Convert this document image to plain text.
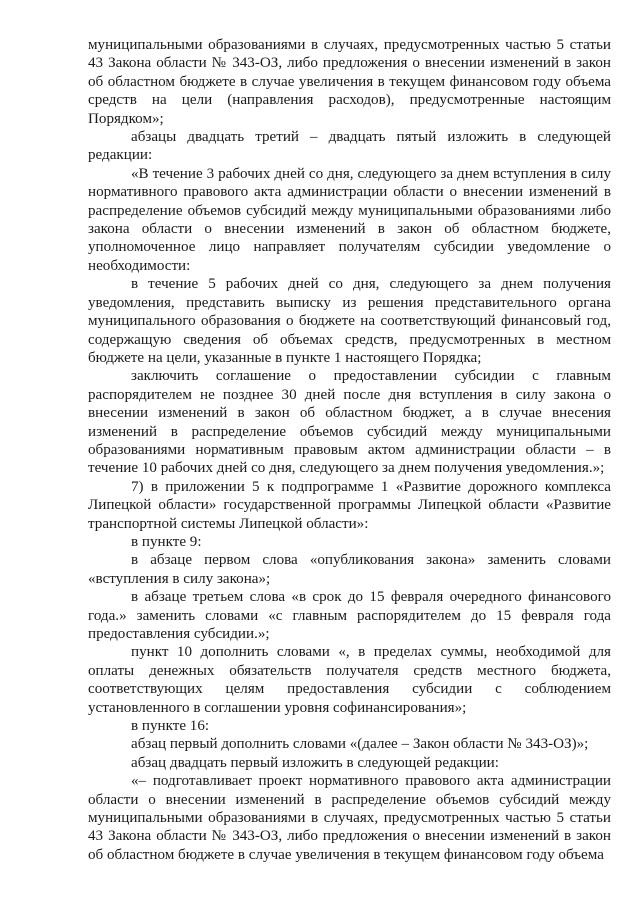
муниципальными образованиями в случаях, предусмотренных частью 5 статьи 43 Закона области № 343-ОЗ, либо предложения о внесении изменений в закон об областном бюджете в случае увеличения в текущем финансовом году объема средств на цели (направления расходов), предусмотренные настоящим Порядком»;

абзацы двадцать третий – двадцать пятый изложить в следующей редакции:

«В течение 3 рабочих дней со дня, следующего за днем вступления в силу нормативного правового акта администрации области о внесении изменений в распределение объемов субсидий между муниципальными образованиями либо закона области о внесении изменений в закон об областном бюджете, уполномоченное лицо направляет получателям субсидии уведомление о необходимости:

в течение 5 рабочих дней со дня, следующего за днем получения уведомления, представить выписку из решения представительного органа муниципального образования о бюджете на соответствующий финансовый год, содержащую сведения об объемах средств, предусмотренных в местном бюджете на цели, указанные в пункте 1 настоящего Порядка;

заключить соглашение о предоставлении субсидии с главным распорядителем не позднее 30 дней после дня вступления в силу закона о внесении изменений в закон об областном бюджет, а в случае внесения изменений в распределение объемов субсидий между муниципальными образованиями нормативным правовым актом администрации области – в течение 10 рабочих дней со дня, следующего за днем получения уведомления.»;

7) в приложении 5 к подпрограмме 1 «Развитие дорожного комплекса Липецкой области» государственной программы Липецкой области «Развитие транспортной системы Липецкой области»:

в пункте 9:

в абзаце первом слова «опубликования закона» заменить словами «вступления в силу закона»;

в абзаце третьем слова «в срок до 15 февраля очередного финансового года.» заменить словами «с главным распорядителем до 15 февраля года предоставления субсидии.»;

пункт 10 дополнить словами «, в пределах суммы, необходимой для оплаты денежных обязательств получателя средств местного бюджета, соответствующих целям предоставления субсидии с соблюдением установленного в соглашении уровня софинансирования»;

в пункте 16:

абзац первый дополнить словами «(далее – Закон области № 343-ОЗ)»;

абзац двадцать первый изложить в следующей редакции:

«– подготавливает проект нормативного правового акта администрации области о внесении изменений в распределение объемов субсидий между муниципальными образованиями в случаях, предусмотренных частью 5 статьи 43 Закона области № 343-ОЗ, либо предложения о внесении изменений в закон об областном бюджете в случае увеличения в текущем финансовом году объема
